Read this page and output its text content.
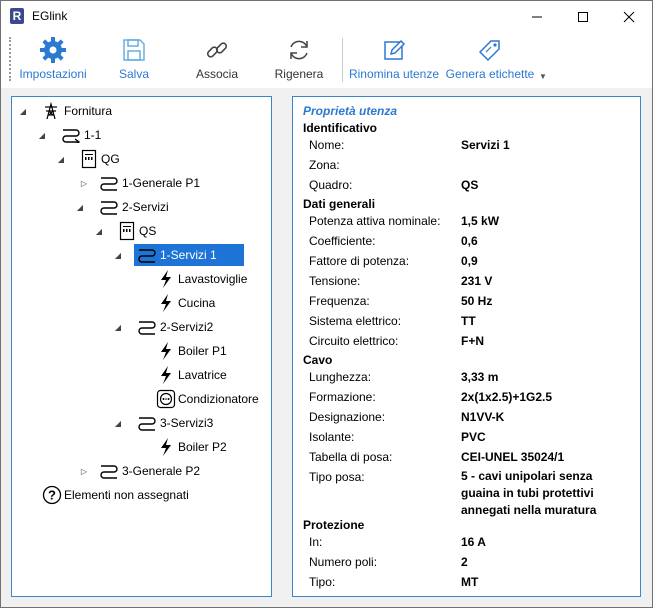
R EGlink
Impostazioni	Salva	Associa	Rigenera Rinomina utenze Genera etichette ▼
◢
◢
◢
▷
◢
◢
◢
◢
◢
▷
Fornitura
1-1
QG
1-Generale P1
2-Servizi
QS
1-Servizi 1
Lavastoviglie
Cucina
2-Servizi2
Boiler P1
Lavatrice
Condizionatore
3-Servizi3
Boiler P2
3-Generale P2
? Elementi non assegnati
Proprietà utenza
Identificativo
Nome:	Servizi 1
Zona:
Quadro:	QS
Dati generali
Potenza attiva nominale: 1,5 kW
Coefficiente:	0,6
Fattore di potenza:	0,9
Tensione:	231 V
Frequenza:	50 Hz
Sistema elettrico:	TT
Circuito elettrico:	F+N
Cavo
Lunghezza:	3,33 m
Formazione:	2x(1x2.5)+1G2.5
Designazione:	N1VV-K
Isolante:	PVC
Tabella di posa:	CEI-UNEL 35024/1
Tipo posa:	5 - cavi unipolari senza guaina in tubi protettivi annegati nella muratura
Protezione
In:	16 A
Numero poli:	2
Tipo:	MT
